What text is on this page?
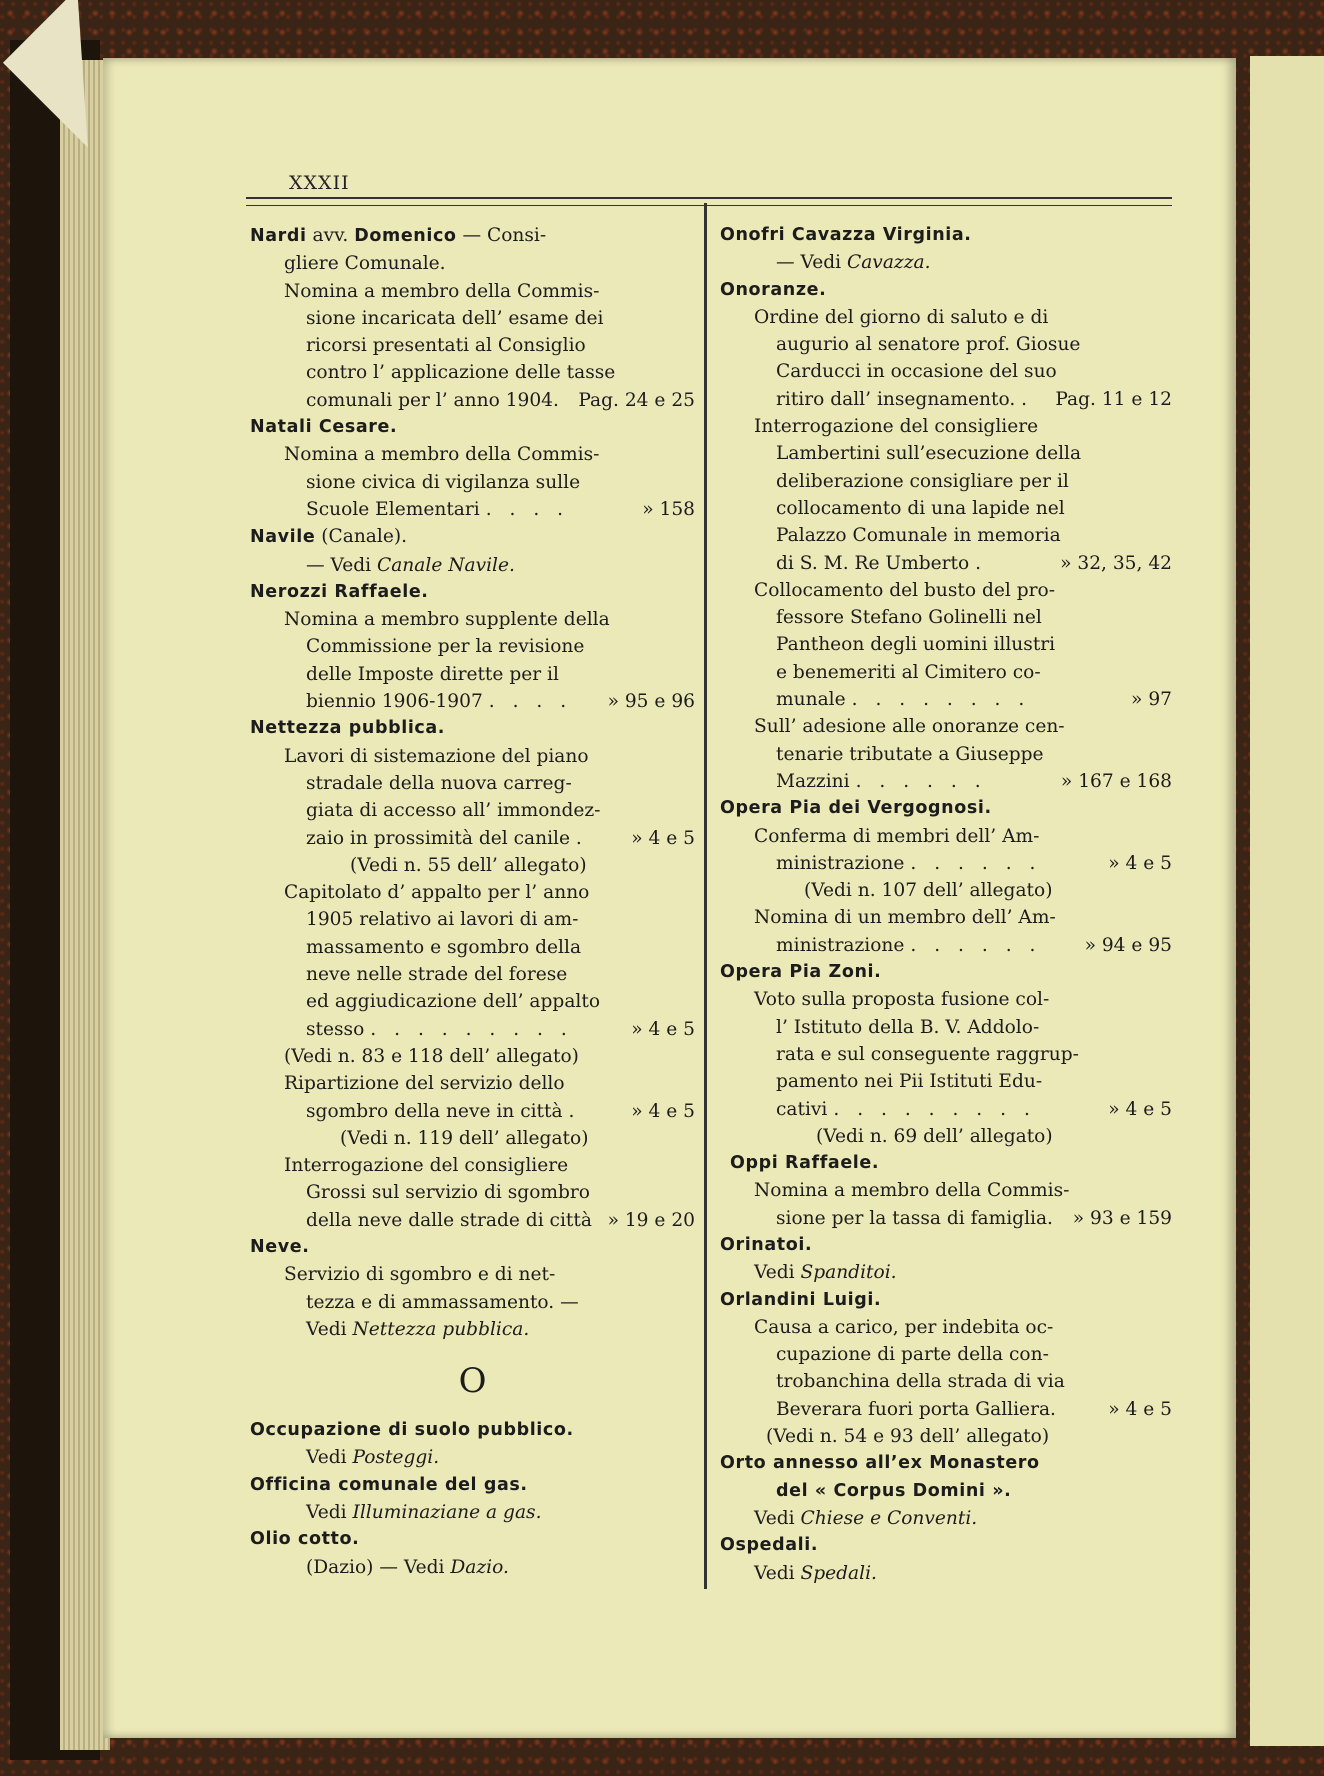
XXXII
Nardi avv. Domenico — Consi-
gliere Comunale.
Nomina a membro della Commis-
sione incaricata dell’ esame dei
ricorsi presentati al Consiglio
contro l’ applicazione delle tasse
comunali per l’ anno 1904. Pag. 24 e 25
Natali Cesare.
Nomina a membro della Commis-
sione civica di vigilanza sulle
Scuole Elementari . . . .	» 158
Navile (Canale).
— Vedi Canale Navile.
Nerozzi Raffaele.
Nomina a membro supplente della
Commissione per la revisione
delle Imposte dirette per il
biennio 1906-1907 . . . .	» 95 e 96
Nettezza pubblica.
Lavori di sistemazione del piano
stradale della nuova carreg-
giata di accesso all’ immondez-
zaio in prossimità del canile .	» 4 e 5
(Vedi n. 55 dell’ allegato)
Capitolato d’ appalto per l’ anno
1905 relativo ai lavori di am-
massamento e sgombro della
neve nelle strade del forese
ed aggiudicazione dell’ appalto
stesso . . . . . . . . .	» 4 e 5
(Vedi n. 83 e 118 dell’ allegato)
Ripartizione del servizio dello
sgombro della neve in città .	» 4 e 5
(Vedi n. 119 dell’ allegato)
Interrogazione del consigliere
Grossi sul servizio di sgombro
della neve dalle strade di città » 19 e 20
Neve.
Servizio di sgombro e di net-
tezza e di ammassamento. —
Vedi Nettezza pubblica.
O
Occupazione di suolo pubblico.
Vedi Posteggi.
Officina comunale del gas.
Vedi Illuminaziane a gas.
Olio cotto.
(Dazio) — Vedi Dazio.
Onofri Cavazza Virginia.
— Vedi Cavazza.
Onoranze.
Ordine del giorno di saluto e di
augurio al senatore prof. Giosue
Carducci in occasione del suo
ritiro dall’ insegnamento. . Pag. 11 e 12
Interrogazione del consigliere
Lambertini sull’esecuzione della
deliberazione consigliare per il
collocamento di una lapide nel
Palazzo Comunale in memoria
di S. M. Re Umberto .	» 32, 35, 42
Collocamento del busto del pro-
fessore Stefano Golinelli nel
Pantheon degli uomini illustri
e benemeriti al Cimitero co-
munale . . . . . . . .	» 97
Sull’ adesione alle onoranze cen-
tenarie tributate a Giuseppe
Mazzini . . . . . .	» 167 e 168
Opera Pia dei Vergognosi.
Conferma di membri dell’ Am-
ministrazione . . . . . .	» 4 e 5
(Vedi n. 107 dell’ allegato)
Nomina di un membro dell’ Am-
ministrazione . . . . . .	» 94 e 95
Opera Pia Zoni.
Voto sulla proposta fusione col-
l’ Istituto della B. V. Addolo-
rata e sul conseguente raggrup-
pamento nei Pii Istituti Edu-
cativi . . . . . . . . .	» 4 e 5
(Vedi n. 69 dell’ allegato)
Oppi Raffaele.
Nomina a membro della Commis-
sione per la tassa di famiglia. » 93 e 159
Orinatoi.
Vedi Spanditoi.
Orlandini Luigi.
Causa a carico, per indebita oc-
cupazione di parte della con-
trobanchina della strada di via
Beverara fuori porta Galliera.	» 4 e 5
(Vedi n. 54 e 93 dell’ allegato)
Orto annesso all’ex Monastero
del « Corpus Domini ».
Vedi Chiese e Conventi.
Ospedali.
Vedi Spedali.
